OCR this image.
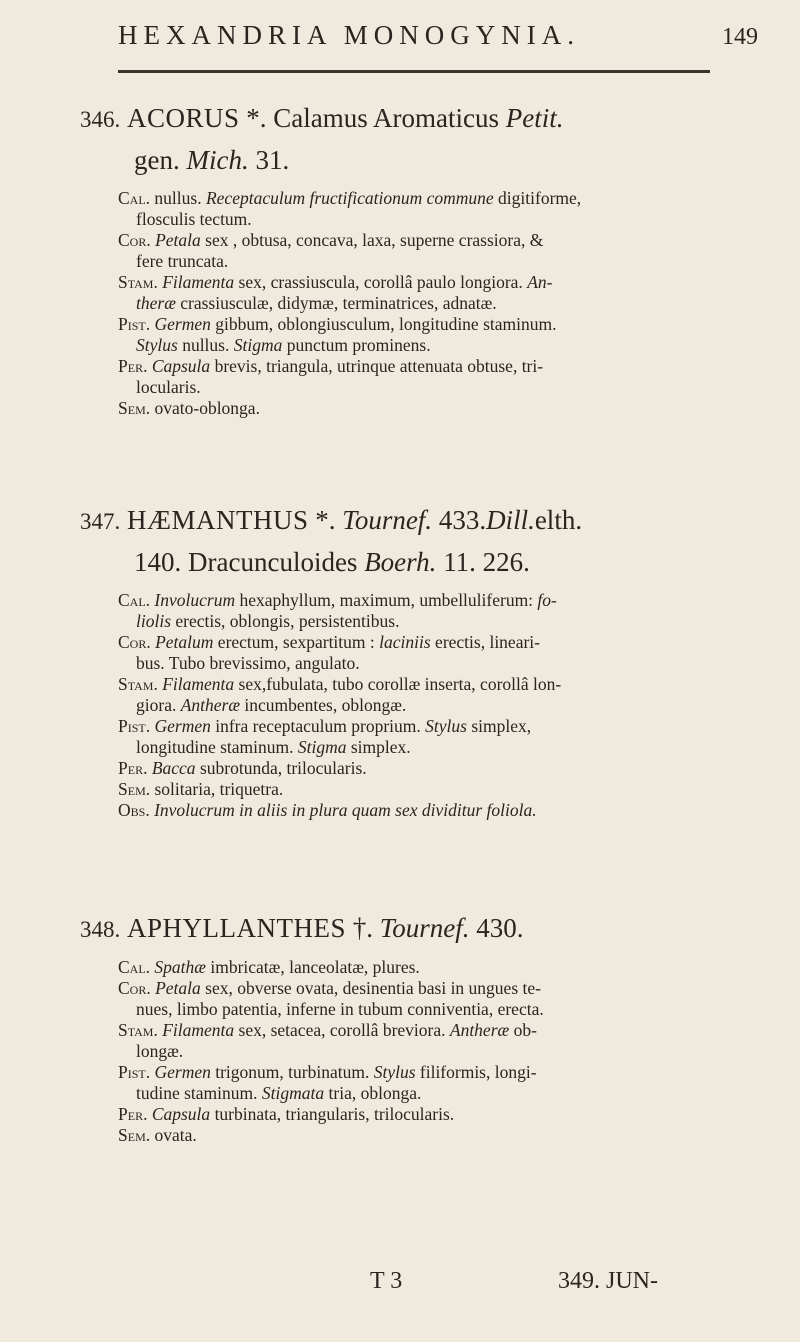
HEXANDRIA MONOGYNIA.	149
346. ACORUS *. Calamus Aromaticus Petit.
gen. Mich. 31.
Cal. nullus. Receptaculum fructificationum commune digitiforme,
flosculis tectum.
Cor. Petala sex , obtusa, concava, laxa, superne crassiora, &
fere truncata.
Stam. Filamenta sex, crassiuscula, corollâ paulo longiora. An-
theræ crassiusculæ, didymæ, terminatrices, adnatæ.
Pist. Germen gibbum, oblongiusculum, longitudine staminum.
Stylus nullus. Stigma punctum prominens.
Per. Capsula brevis, triangula, utrinque attenuata obtuse, tri-
locularis.
Sem. ovato-oblonga.
347. HÆMANTHUS *. Tournef. 433.Dill.elth.
140. Dracunculoides Boerh. 11. 226.
Cal. Involucrum hexaphyllum, maximum, umbelluliferum: fo-
liolis erectis, oblongis, persistentibus.
Cor. Petalum erectum, sexpartitum : laciniis erectis, lineari-
bus. Tubo brevissimo, angulato.
Stam. Filamenta sex,fubulata, tubo corollæ inserta, corollâ lon-
giora. Antheræ incumbentes, oblongæ.
Pist. Germen infra receptaculum proprium. Stylus simplex,
longitudine staminum. Stigma simplex.
Per. Bacca subrotunda, trilocularis.
Sem. solitaria, triquetra.
Obs. Involucrum in aliis in plura quam sex dividitur foliola.
348. APHYLLANTHES †. Tournef. 430.
Cal. Spathæ imbricatæ, lanceolatæ, plures.
Cor. Petala sex, obverse ovata, desinentia basi in ungues te-
nues, limbo patentia, inferne in tubum conniventia, erecta.
Stam. Filamenta sex, setacea, corollâ breviora. Antheræ ob-
longæ.
Pist. Germen trigonum, turbinatum. Stylus filiformis, longi-
tudine staminum. Stigmata tria, oblonga.
Per. Capsula turbinata, triangularis, trilocularis.
Sem. ovata.
T 3	349. JUN-
